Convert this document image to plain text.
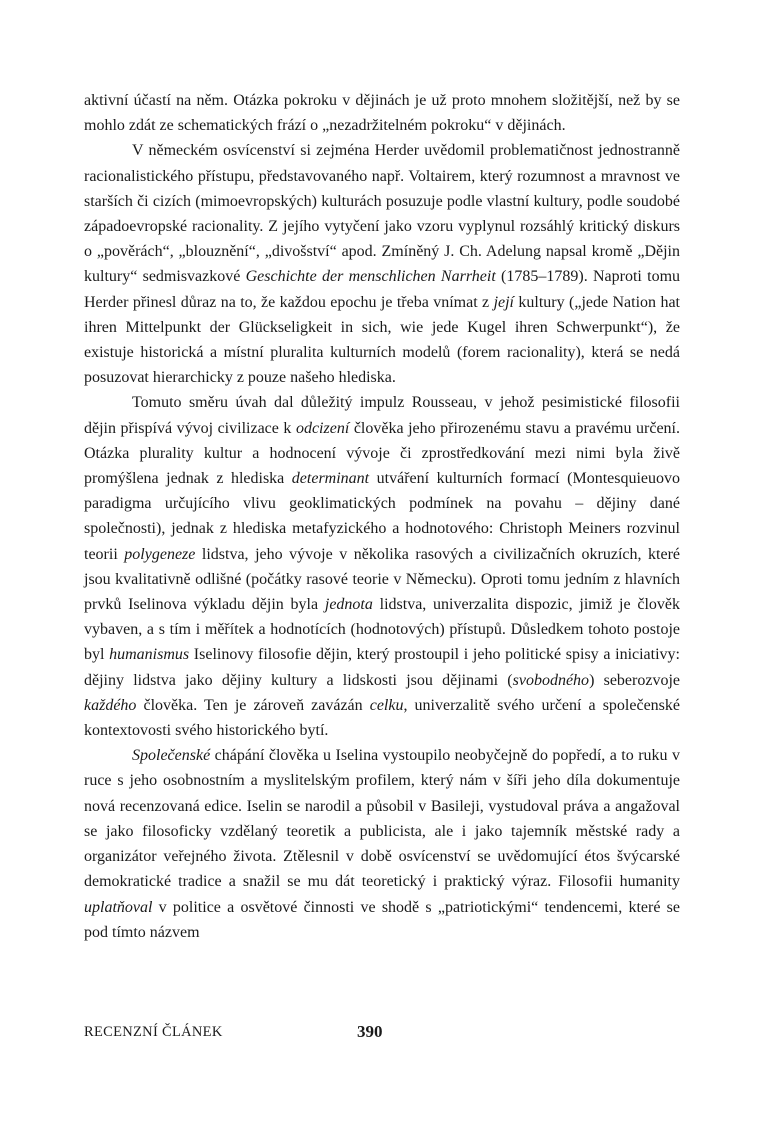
aktivní účastí na něm. Otázka pokroku v dějinách je už proto mnohem složitější, než by se mohlo zdát ze schematických frází o „nezadržitelném pokroku“ v dějinách.

V německém osvícenství si zejména Herder uvědomil problematičnost jednostranně racionalistického přístupu, představovaného např. Voltairem, který rozumnost a mravnost ve starších či cizích (mimoevropských) kulturách posuzuje podle vlastní kultury, podle soudobé západoevropské racionality. Z jejího vytyčení jako vzoru vyplynul rozsáhlý kritický diskurs o „pověrách“, „blouznění“, „divošství“ apod. Zmíněný J. Ch. Adelung napsal kromě „Dějin kultury“ sedmisvazkové Geschichte der menschlichen Narrheit (1785–1789). Naproti tomu Herder přinesl důraz na to, že každou epochu je třeba vnímat z její kultury („jede Nation hat ihren Mittelpunkt der Glückseligkeit in sich, wie jede Kugel ihren Schwerpunkt“), že existuje historická a místní pluralita kulturních modelů (forem racionality), která se nedá posuzovat hierarchicky z pouze našeho hlediska.

Tomuto směru úvah dal důležitý impulz Rousseau, v jehož pesimistické filosofii dějin přispívá vývoj civilizace k odcizení člověka jeho přirozenému stavu a pravému určení. Otázka plurality kultur a hodnocení vývoje či zprostředkování mezi nimi byla živě promýšlena jednak z hlediska determinant utváření kulturních formací (Montesquieuovo paradigma určujícího vlivu geoklimatických podmínek na povahu – dějiny dané společnosti), jednak z hlediska metafyzického a hodnotového: Christoph Meiners rozvinul teorii polygeneze lidstva, jeho vývoje v několika rasových a civilizačních okruzích, které jsou kvalitativně odlišné (počátky rasové teorie v Německu). Oproti tomu jedním z hlavních prvků Iselinova výkladu dějin byla jednota lidstva, univerzalita dispozic, jimiž je člověk vybaven, a s tím i měřítek a hodnotících (hodnotových) přístupů. Důsledkem tohoto postoje byl humanismus Iselinovy filosofie dějin, který prostoupil i jeho politické spisy a iniciativy: dějiny lidstva jako dějiny kultury a lidskosti jsou dějinami (svobodného) seberozvoje každého člověka. Ten je zároveň zavázán celku, univerzalitě svého určení a společenské kontextovosti svého historického bytí.

Společenské chápání člověka u Iselina vystoupilo neobyčejně do popředí, a to ruku v ruce s jeho osobnostním a myslitelským profilem, který nám v šíři jeho díla dokumentuje nová recenzovaná edice. Iselin se narodil a působil v Basileji, vystudoval práva a angažoval se jako filosoficky vzdělaný teoretik a publicista, ale i jako tajemník městské rady a organizátor veřejného života. Ztělesnil v době osvícenství se uvědomující étos švýcarské demokratické tradice a snažil se mu dát teoretický i praktický výraz. Filosofii humanity uplatňoval v politice a osvětové činnosti ve shodě s „patriotickými“ tendencemi, které se pod tímto názvem

RECENZNÍ ČLÁNEK	390
